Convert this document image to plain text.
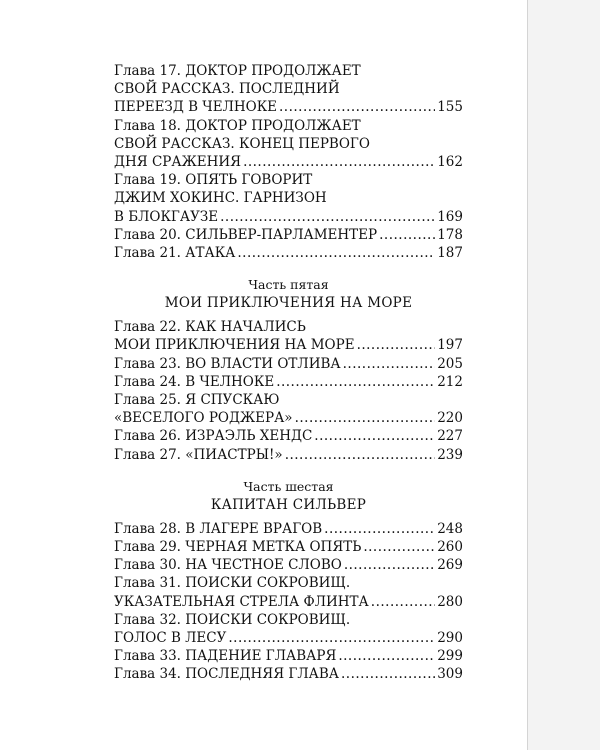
Глава 17. ДОКТОР ПРОДОЛЖАЕТ
СВОЙ РАССКАЗ. ПОСЛЕДНИЙ
ПЕРЕЕЗД В ЧЕЛНОКЕ .....	155
Глава 18. ДОКТОР ПРОДОЛЖАЕТ
СВОЙ РАССКАЗ. КОНЕЦ ПЕРВОГО
ДНЯ СРАЖЕНИЯ .....	162
Глава 19. ОПЯТЬ ГОВОРИТ
ДЖИМ ХОКИНС. ГАРНИЗОН
В БЛОКГАУЗЕ .....	169
Глава 20. СИЛЬВЕР-ПАРЛАМЕНТЕР .....	178
Глава 21. АТАКА .....	187
Часть пятая
МОИ ПРИКЛЮЧЕНИЯ НА МОРЕ
Глава 22. КАК НАЧАЛИСЬ
МОИ ПРИКЛЮЧЕНИЯ НА МОРЕ .....	197
Глава 23. ВО ВЛАСТИ ОТЛИВА .....	205
Глава 24. В ЧЕЛНОКЕ .....	212
Глава 25. Я СПУСКАЮ
«ВЕСЕЛОГО РОДЖЕРА» .....	220
Глава 26. ИЗРАЭЛЬ ХЕНДС .....	227
Глава 27. «ПИАСТРЫ!» .....	239
Часть шестая
КАПИТАН СИЛЬВЕР
Глава 28. В ЛАГЕРЕ ВРАГОВ .....	248
Глава 29. ЧЕРНАЯ МЕТКА ОПЯТЬ .....	260
Глава 30. НА ЧЕСТНОЕ СЛОВО .....	269
Глава 31. ПОИСКИ СОКРОВИЩ.
УКАЗАТЕЛЬНАЯ СТРЕЛА ФЛИНТА .....	280
Глава 32. ПОИСКИ СОКРОВИЩ.
ГОЛОС В ЛЕСУ .....	290
Глава 33. ПАДЕНИЕ ГЛАВАРЯ .....	299
Глава 34. ПОСЛЕДНЯЯ ГЛАВА .....	309
